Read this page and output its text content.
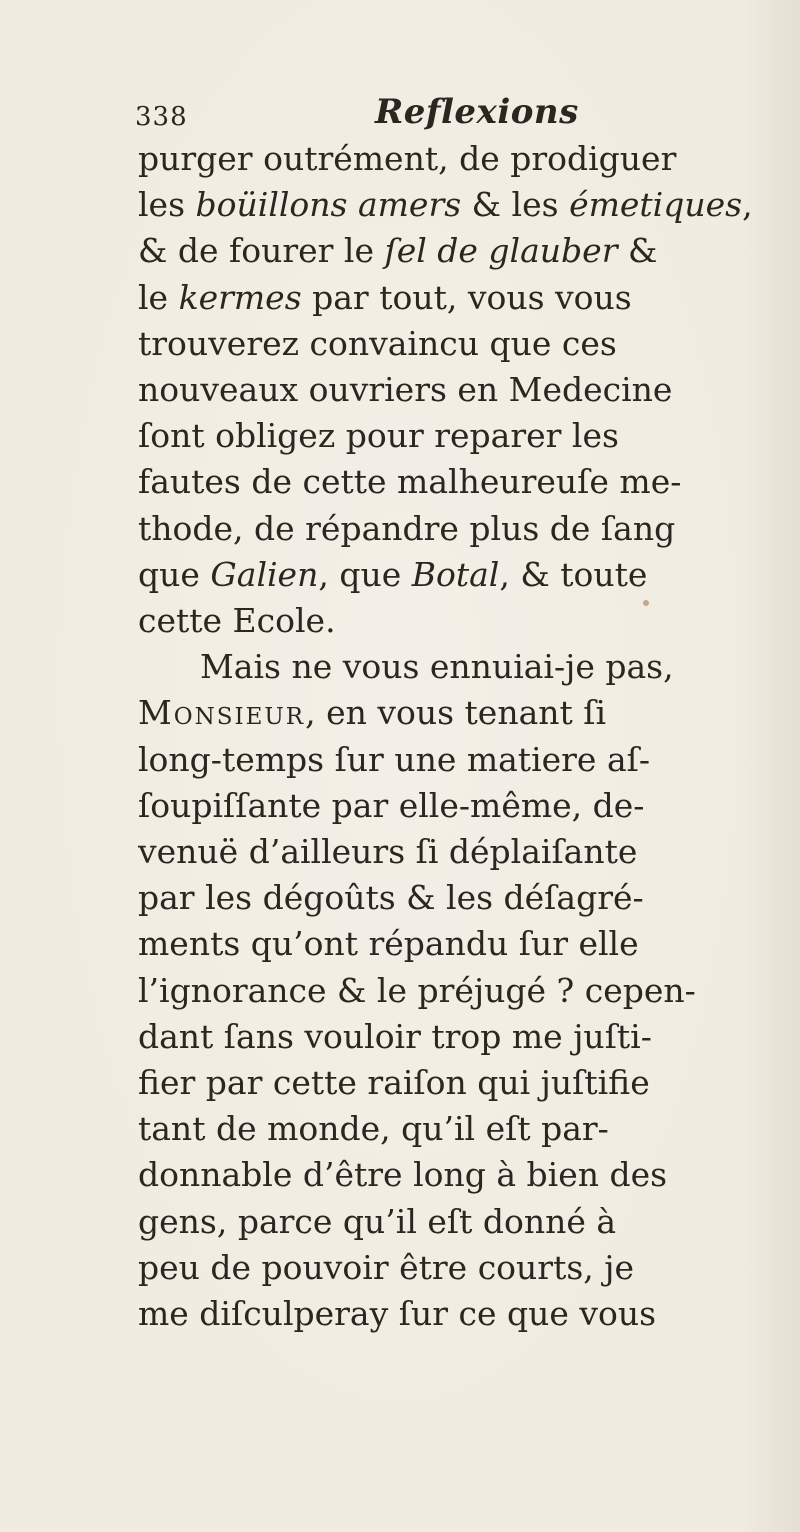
338	Reflexions
purger outrément, de prodiguer
les boüillons amers & les émetiques,
& de fourer le ſel de glauber &
le kermes par tout, vous vous
trouverez convaincu que ces
nouveaux ouvriers en Medecine
ſont obligez pour reparer les
fautes de cette malheureuſe me-
thode, de répandre plus de ſang
que Galien, que Botal, & toute
cette Ecole.
Mais ne vous ennuiai-je pas,
Monsieur, en vous tenant ſi
long-temps ſur une matiere aſ-
ſoupiſſante par elle-même, de-
venuë d’ailleurs ſi déplaiſante
par les dégoûts & les déſagré-
ments qu’ont répandu ſur elle
l’ignorance & le préjugé ? cepen-
dant ſans vouloir trop me juſti-
fier par cette raiſon qui juſtifie
tant de monde, qu’il eſt par-
donnable d’être long à bien des
gens, parce qu’il eſt donné à
peu de pouvoir être courts, je
me diſculperay ſur ce que vous
